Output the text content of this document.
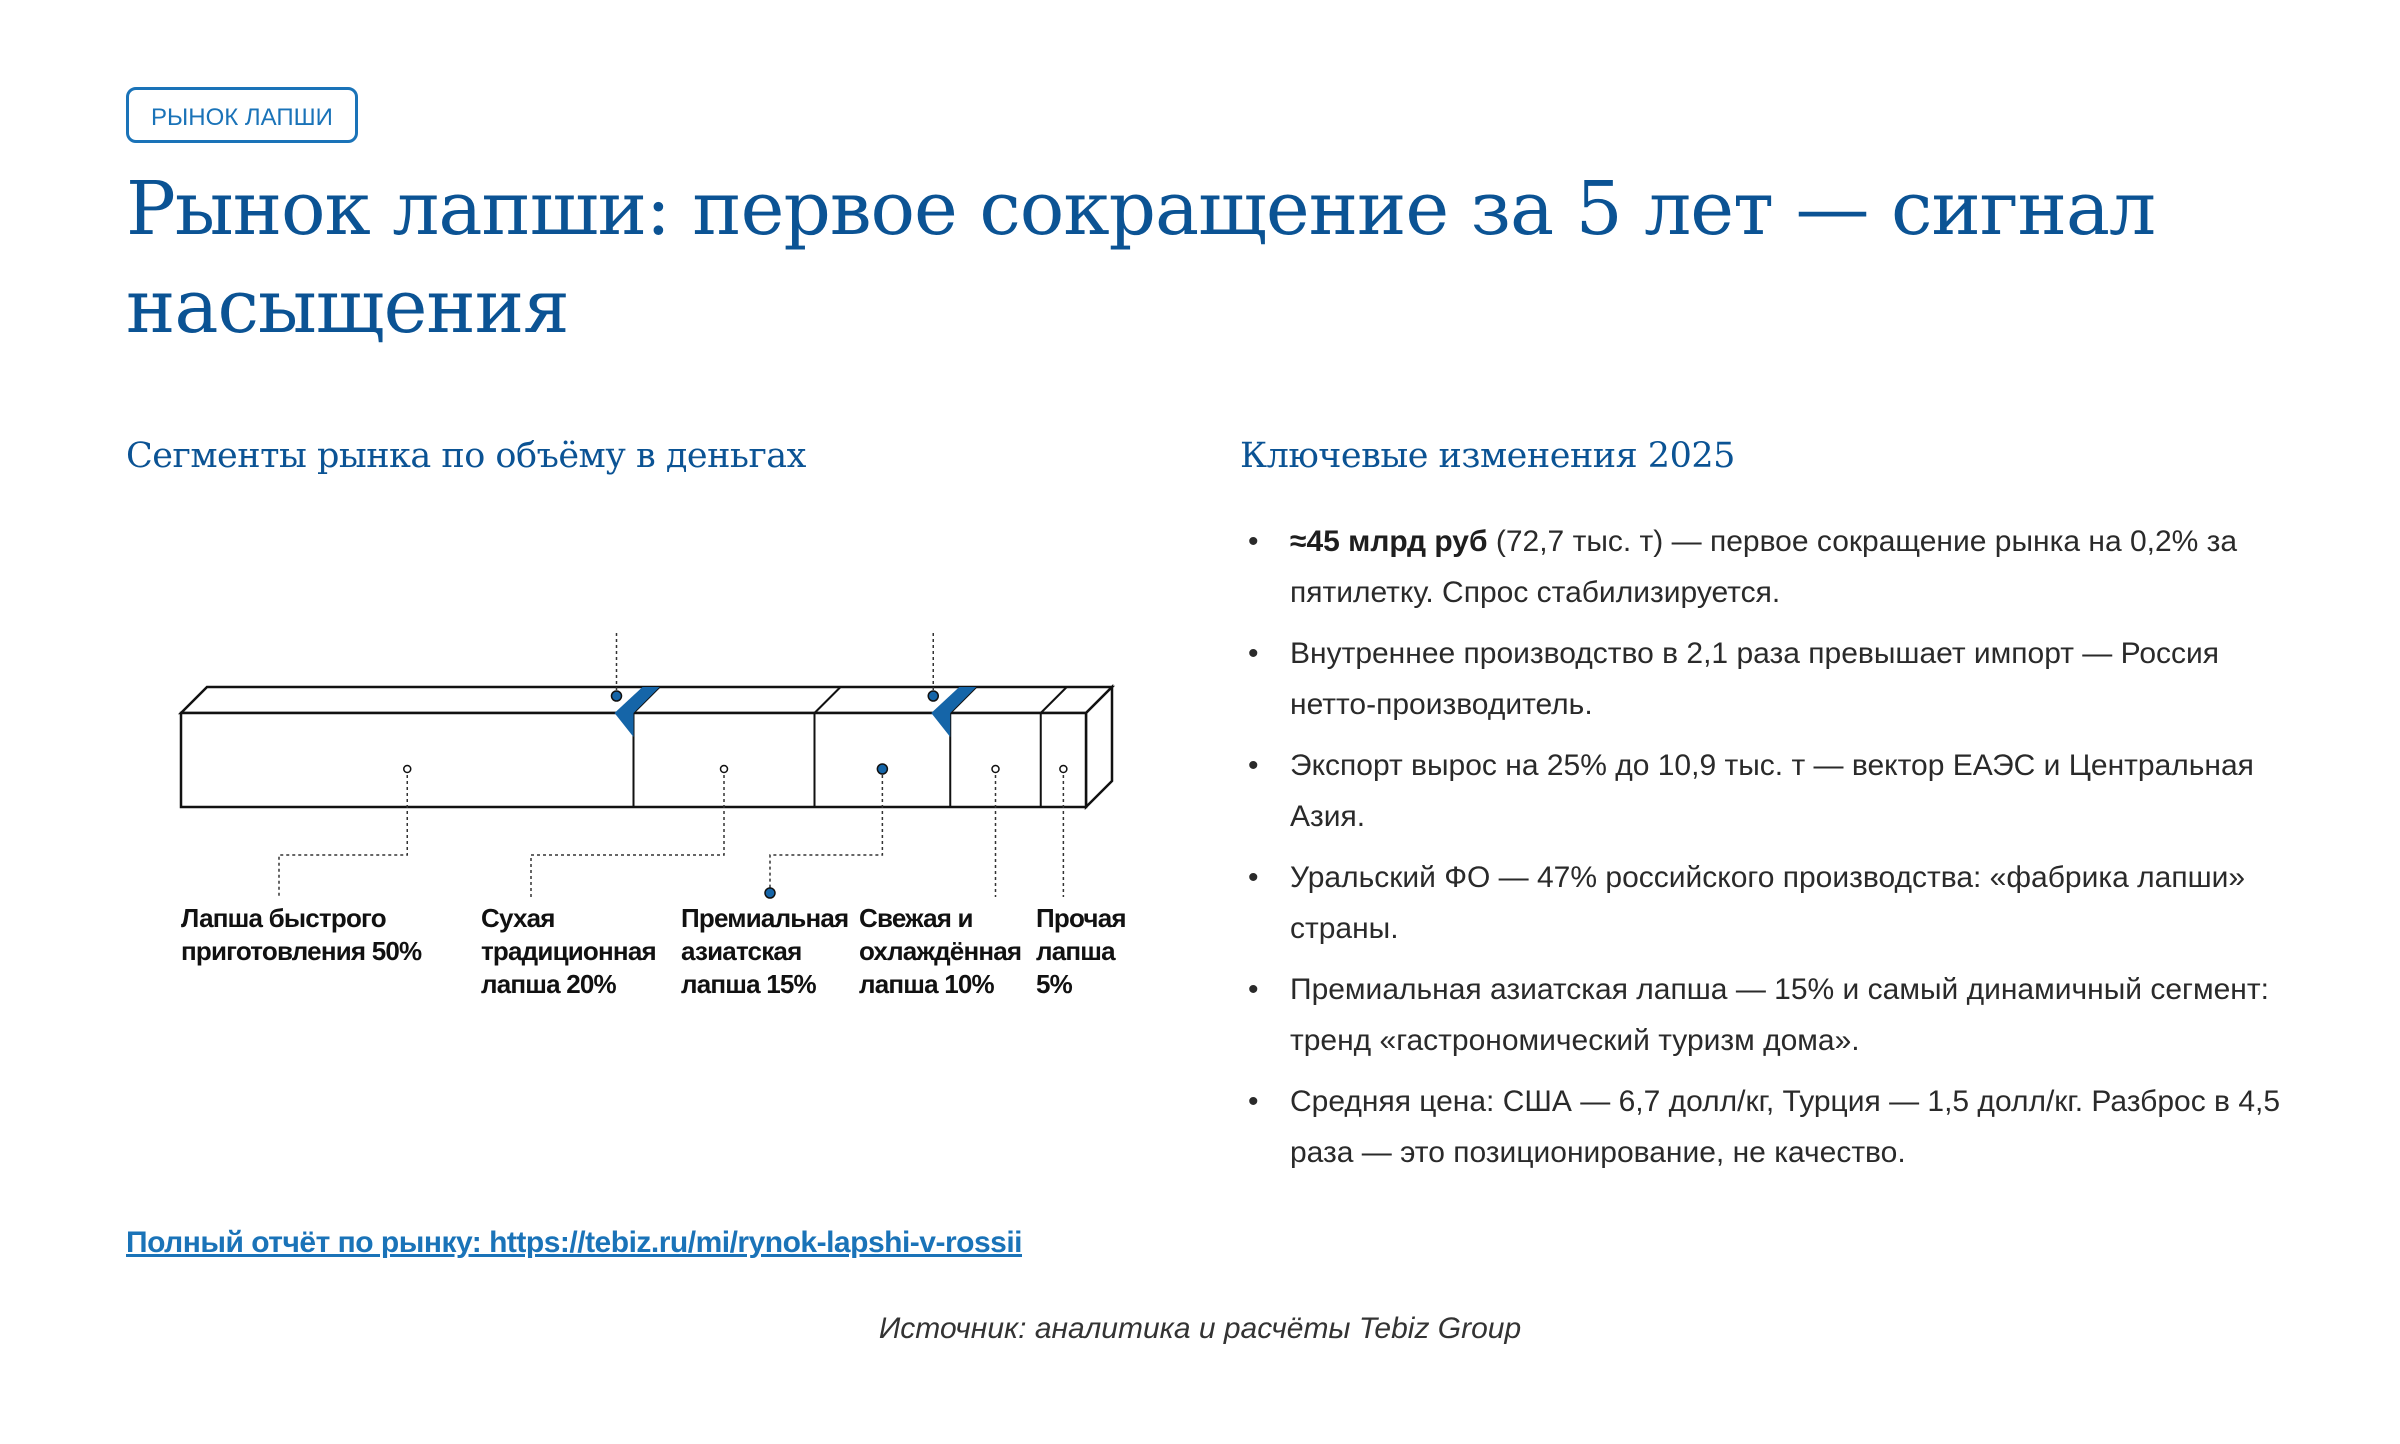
РЫНОК ЛАПШИ
Рынок лапши: первое сокращение за 5 лет — сигнал насыщения
Сегменты рынка по объёму в деньгах	Ключевые изменения 2025
Лапша быстрого приготовления 50%
Сухая традиционная лапша 20%
Премиальная азиатская лапша 15%
Свежая и охлаждённая лапша 10%
Прочая лапша 5%
• ≈45 млрд руб (72,7 тыс. т) — первое сокращение рынка на 0,2% за пятилетку. Спрос стабилизируется.
• Внутреннее производство в 2,1 раза превышает импорт — Россия нетто-производитель.
• Экспорт вырос на 25% до 10,9 тыс. т — вектор ЕАЭС и Центральная Азия.
• Уральский ФО — 47% российского производства: «фабрика лапши» страны.
• Премиальная азиатская лапша — 15% и самый динамичный сегмент: тренд «гастрономический туризм дома».
• Средняя цена: США — 6,7 долл/кг, Турция — 1,5 долл/кг. Разброс в 4,5 раза — это позиционирование, не качество.
Полный отчёт по рынку: https://tebiz.ru/mi/rynok-lapshi-v-rossii
Источник: аналитика и расчёты Tebiz Group
